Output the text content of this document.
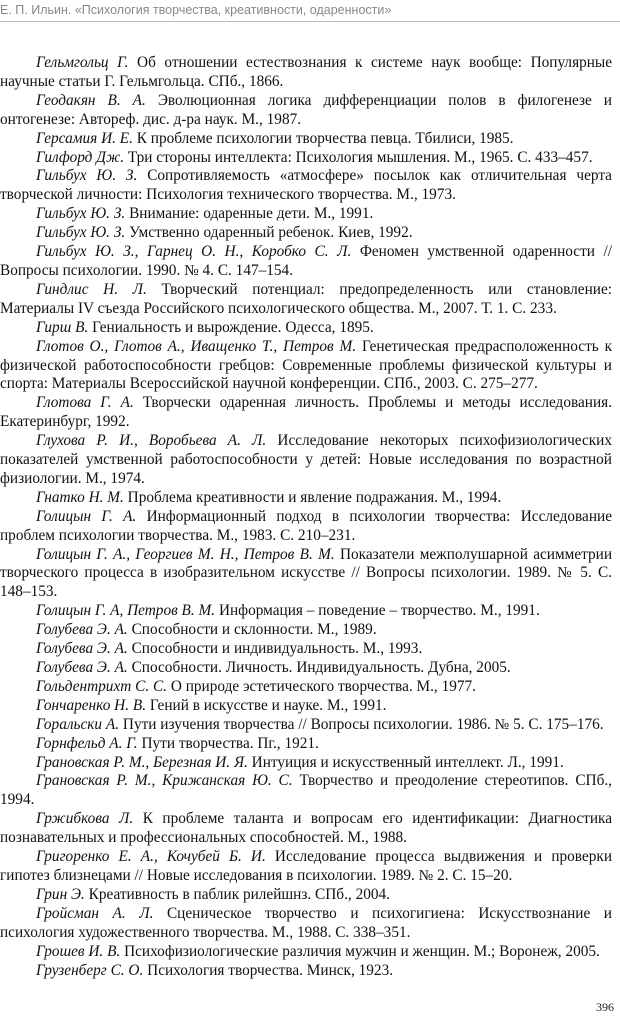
Е. П. Ильин. «Психология творчества, креативности, одаренности»

Гельмгольц Г. Об отношении естествознания к системе наук вообще: Популярные научные статьи Г. Гельмгольца. СПб., 1866.

Геодакян В. А. Эволюционная логика дифференциации полов в филогенезе и онтогенезе: Автореф. дис. д-ра наук. М., 1987.

Герсамия И. Е. К проблеме психологии творчества певца. Тбилиси, 1985.

Гилфорд Дж. Три стороны интеллекта: Психология мышления. М., 1965. С. 433–457.

Гильбух Ю. З. Сопротивляемость «атмосфере» посылок как отличительная черта творческой личности: Психология технического творчества. М., 1973.

Гильбух Ю. З. Внимание: одаренные дети. М., 1991.

Гильбух Ю. З. Умственно одаренный ребенок. Киев, 1992.

Гильбух Ю. З., Гарнец О. Н., Коробко С. Л. Феномен умственной одаренности // Вопросы психологии. 1990. № 4. С. 147–154.

Гиндлис Н. Л. Творческий потенциал: предопределенность или становление: Материалы IV съезда Российского психологического общества. М., 2007. Т. 1. С. 233.

Гирш В. Гениальность и вырождение. Одесса, 1895.

Глотов О., Глотов А., Иващенко Т., Петров М. Генетическая предрасположенность к физической работоспособности гребцов: Современные проблемы физической культуры и спорта: Материалы Всероссийской научной конференции. СПб., 2003. С. 275–277.

Глотова Г. А. Творчески одаренная личность. Проблемы и методы исследования. Екатеринбург, 1992.

Глухова Р. И., Воробьева А. Л. Исследование некоторых психофизиологических показателей умственной работоспособности у детей: Новые исследования по возрастной физиологии. М., 1974.

Гнатко Н. М. Проблема креативности и явление подражания. М., 1994.

Голицын Г. А. Информационный подход в психологии творчества: Исследование проблем психологии творчества. М., 1983. С. 210–231.

Голицын Г. А., Георгиев М. Н., Петров В. М. Показатели межполушарной асимметрии творческого процесса в изобразительном искусстве // Вопросы психологии. 1989. № 5. С. 148–153.

Голицын Г. А, Петров В. М. Информация – поведение – творчество. М., 1991.

Голубева Э. А. Способности и склонности. М., 1989.

Голубева Э. А. Способности и индивидуальность. М., 1993.

Голубева Э. А. Способности. Личность. Индивидуальность. Дубна, 2005.

Гольдентрихт С. С. О природе эстетического творчества. М., 1977.

Гончаренко Н. В. Гений в искусстве и науке. М., 1991.

Горальски А. Пути изучения творчества // Вопросы психологии. 1986. № 5. С. 175–176.

Горнфельд А. Г. Пути творчества. Пг., 1921.

Грановская Р. М., Березная И. Я. Интуиция и искусственный интеллект. Л., 1991.

Грановская Р. М., Крижанская Ю. С. Творчество и преодоление стереотипов. СПб., 1994.

Гржибкова Л. К проблеме таланта и вопросам его идентификации: Диагностика познавательных и профессиональных способностей. М., 1988.

Григоренко Е. А., Кочубей Б. И. Исследование процесса выдвижения и проверки гипотез близнецами // Новые исследования в психологии. 1989. № 2. С. 15–20.

Грин Э. Креативность в паблик рилейшнз. СПб., 2004.

Гройсман А. Л. Сценическое творчество и психогигиена: Искусствознание и психология художественного творчества. М., 1988. С. 338–351.

Грошев И. В. Психофизиологические различия мужчин и женщин. М.; Воронеж, 2005.

Грузенберг С. О. Психология творчества. Минск, 1923.

396
